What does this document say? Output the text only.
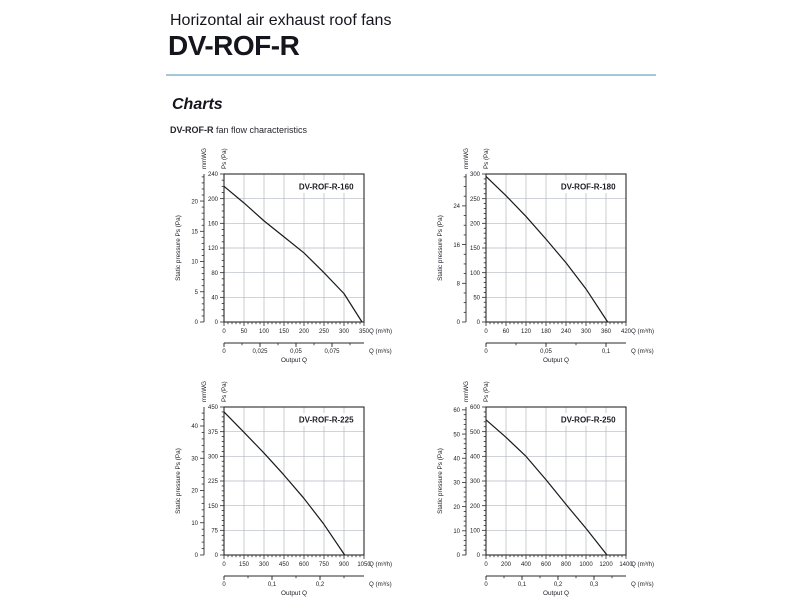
Horizontal air exhaust roof fans
DV-ROF-R
Charts
DV-ROF-R fan flow characteristics
0
40
80
120
160
200
240
0
5
10
15
20
mmWG Ps (Pa)
Static pressure Ps (Pa)
0 50 100 150 200 250 300 350 Q (m³/h)
0	0,025	0,05	0,075	Q (m³/s)
Output Q
DV-ROF-R-160
0
50
100
150
200
250
300
0
8
16
24
mmWG Ps (Pa)
Static pressure Ps (Pa)
0 60 120 180 240 300 360 420 Q (m³/h)
0	0,05	0,1	Q (m³/s)
Output Q
DV-ROF-R-180
0
75
150
225
300
375
450
0
10
20
30
40
mmWG Ps (Pa)
Static pressure Ps (Pa)
0 150 300 450 600 750 900 1050
Q (m³/h)
0	0,1	0,2	Q (m³/s)
Output Q
DV-ROF-R-225
0
100
200
300
400
500
600
0
10
20
30
40
50
60
mmWG Ps (Pa)
Static pressure Ps (Pa)
0 200 400 600 800 1000 1200 1400
Q (m³/h)
0	0,1	0,2	0,3	Q (m³/s)
Output Q
DV-ROF-R-250
